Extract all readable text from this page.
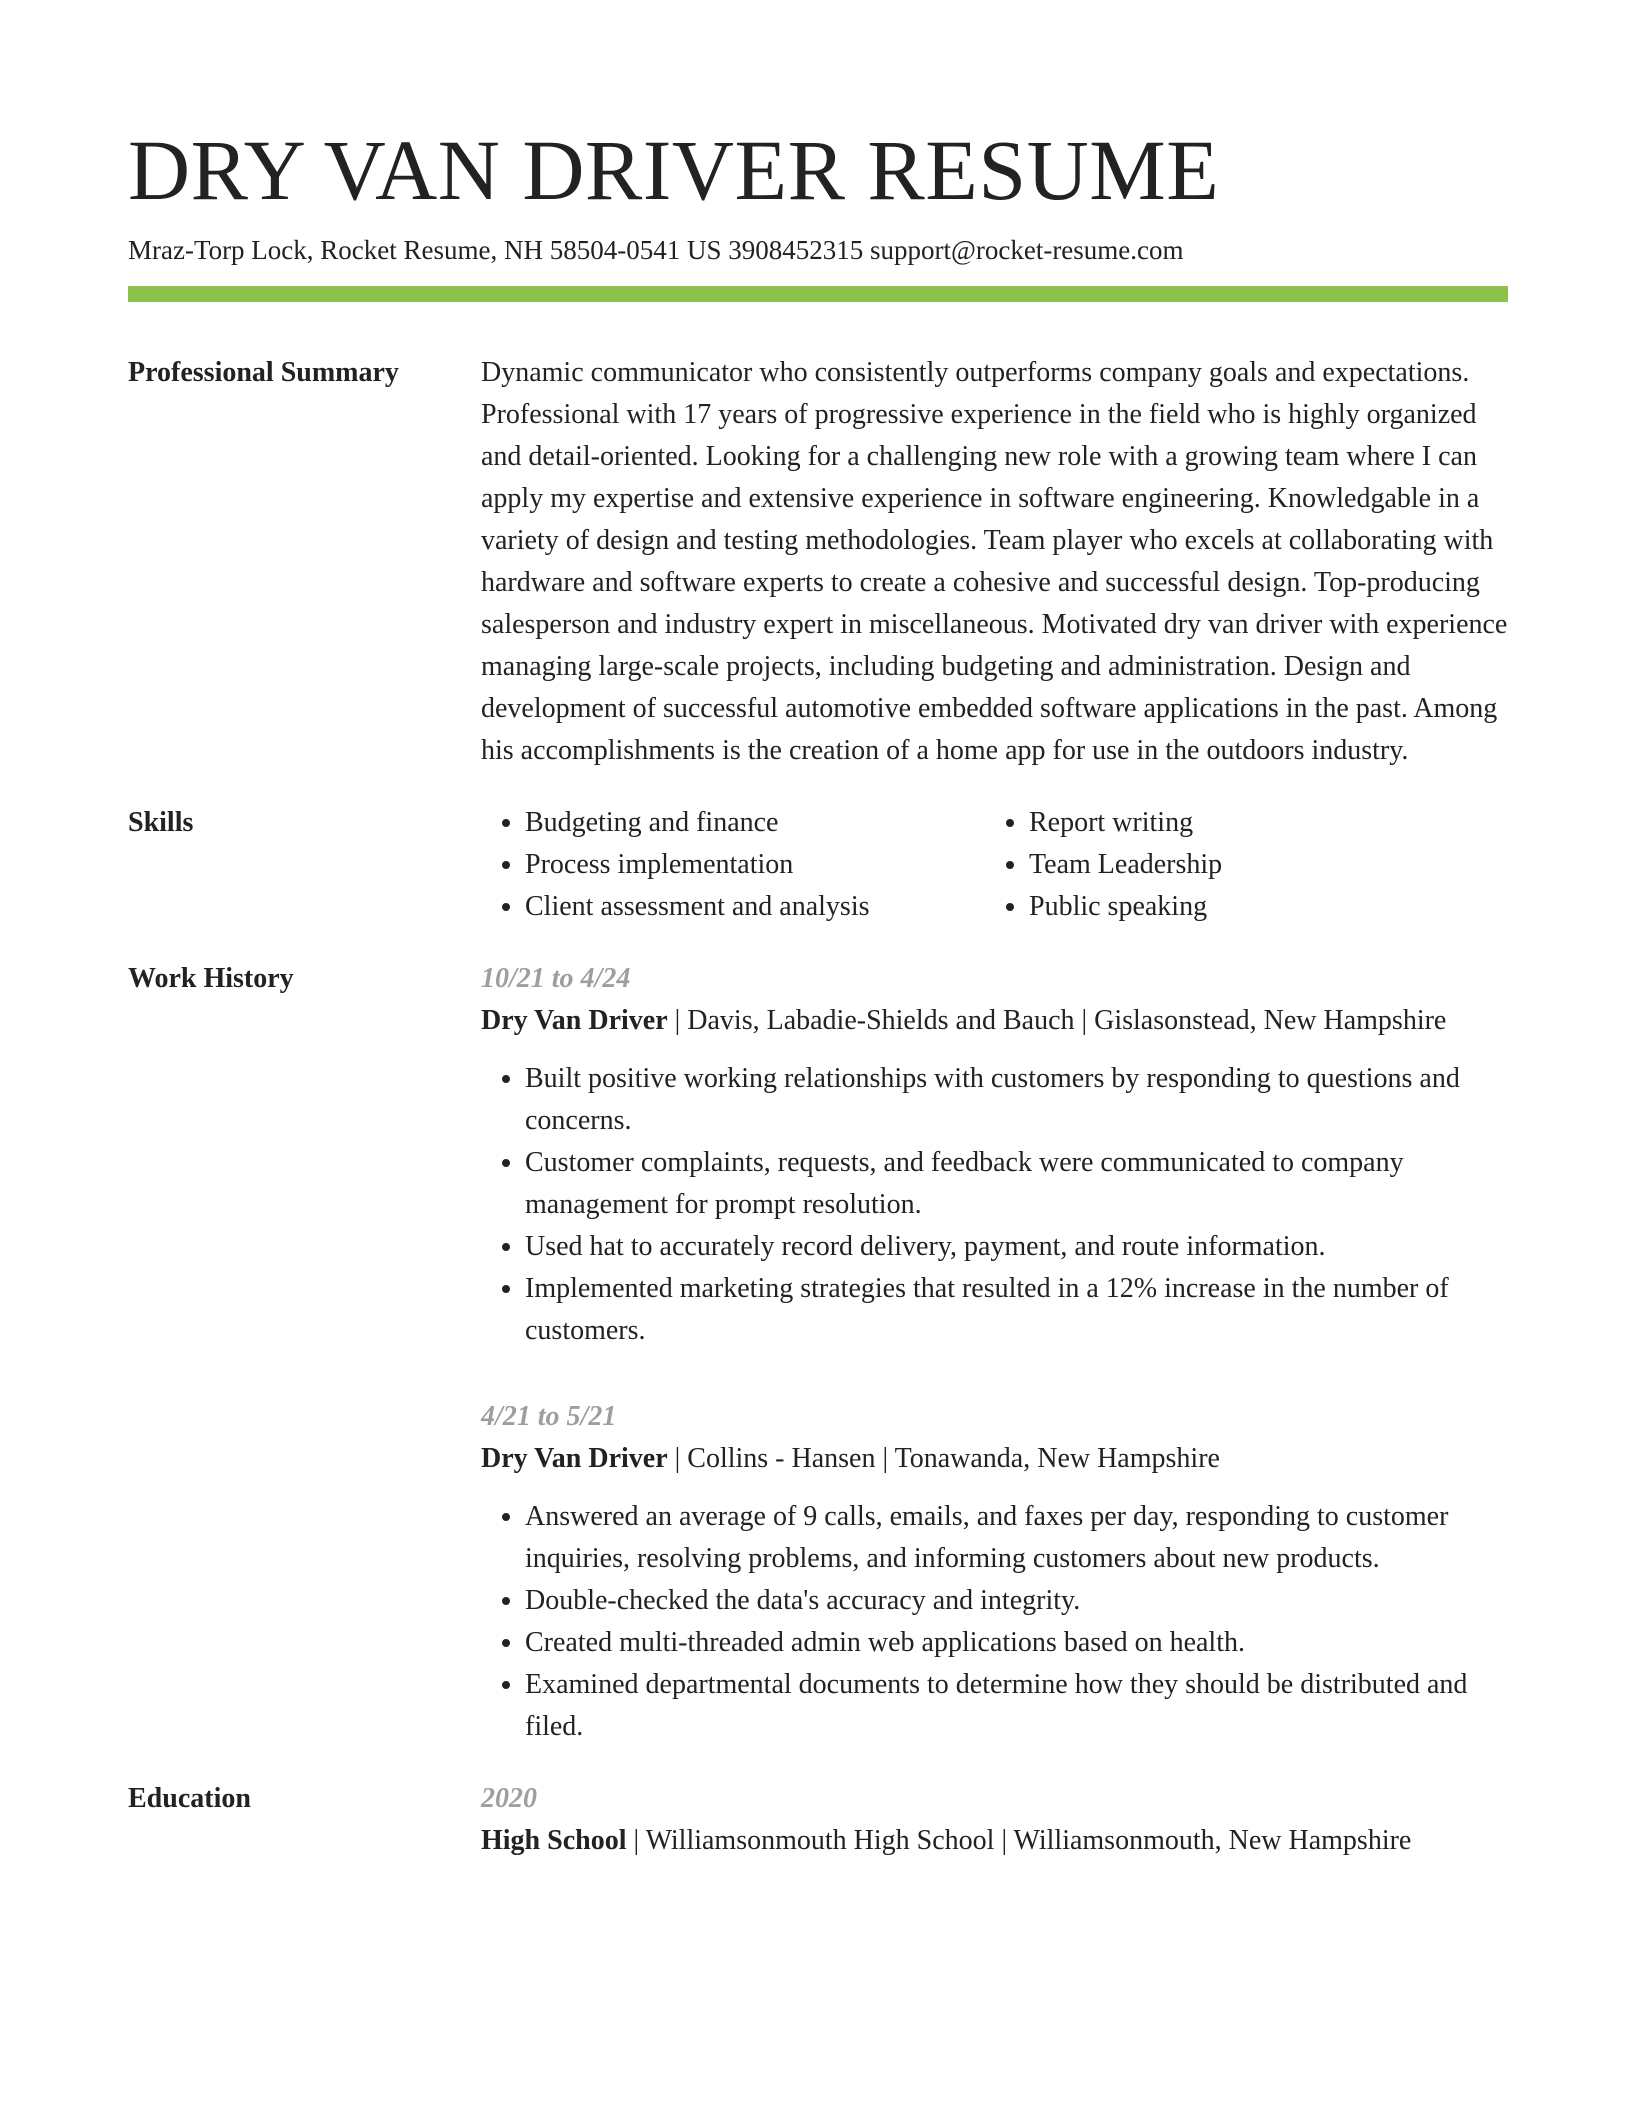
DRY VAN DRIVER RESUME
Mraz-Torp Lock, Rocket Resume, NH 58504-0541 US 3908452315 support@rocket-resume.com
Professional Summary	Dynamic communicator who consistently outperforms company goals and expectations. Professional with 17 years of progressive experience in the field who is highly organized and detail-oriented. Looking for a challenging new role with a growing team where I can apply my expertise and extensive experience in software engineering. Knowledgable in a variety of design and testing methodologies. Team player who excels at collaborating with hardware and software experts to create a cohesive and successful design. Top-producing salesperson and industry expert in miscellaneous. Motivated dry van driver with experience managing large-scale projects, including budgeting and administration. Design and development of successful automotive embedded software applications in the past. Among his accomplishments is the creation of a home app for use in the outdoors industry.

Skills
•	Budgeting and finance
• Process implementation
• Client assessment and analysis
• Report writing
• Team Leadership
• Public speaking
Work History	10/21 to 4/24
Dry Van Driver | Davis, Labadie-Shields and Bauch | Gislasonstead, New Hampshire
• Built positive working relationships with customers by responding to questions and concerns.
• Customer complaints, requests, and feedback were communicated to company management for prompt resolution.
• Used hat to accurately record delivery, payment, and route information.
• Implemented marketing strategies that resulted in a 12% increase in the number of customers.
4/21 to 5/21
Dry Van Driver | Collins - Hansen | Tonawanda, New Hampshire
• Answered an average of 9 calls, emails, and faxes per day, responding to customer inquiries, resolving problems, and informing customers about new products.
• Double-checked the data's accuracy and integrity.
• Created multi-threaded admin web applications based on health.
• Examined departmental documents to determine how they should be distributed and filed.
Education	2020
High School | Williamsonmouth High School | Williamsonmouth, New Hampshire
